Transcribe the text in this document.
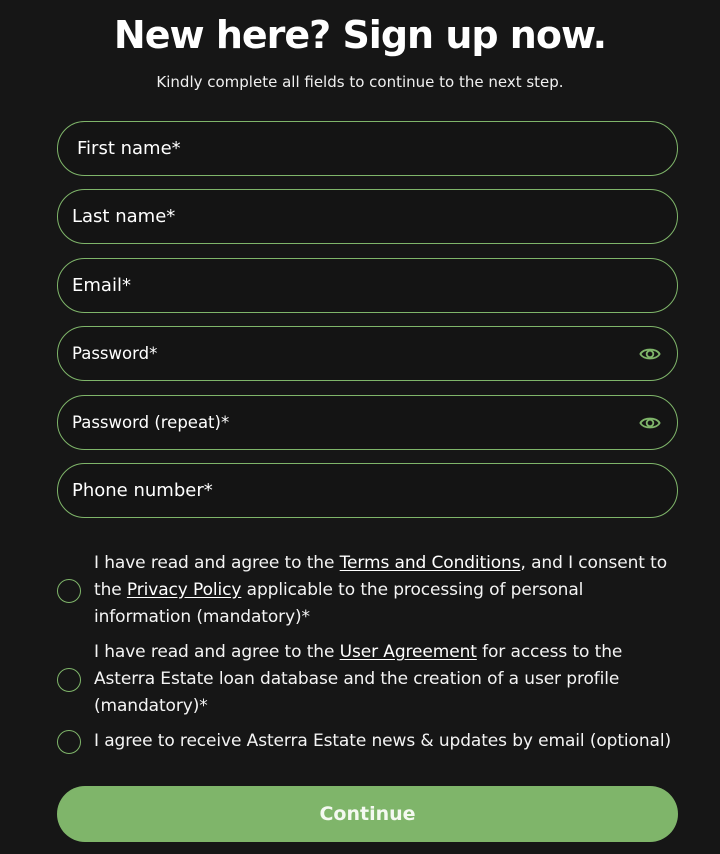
New here? Sign up now.

Kindly complete all fields to continue to the next step.

First name*
Last name*
Email*
Phone number*
I have read and agree to the Terms and Conditions, and I consent to the Privacy Policy applicable to the processing of personal information (mandatory)*
I have read and agree to the User Agreement for access to the Asterra Estate loan database and the creation of a user profile (mandatory)*
I agree to receive Asterra Estate news & updates by email (optional)
Continue
